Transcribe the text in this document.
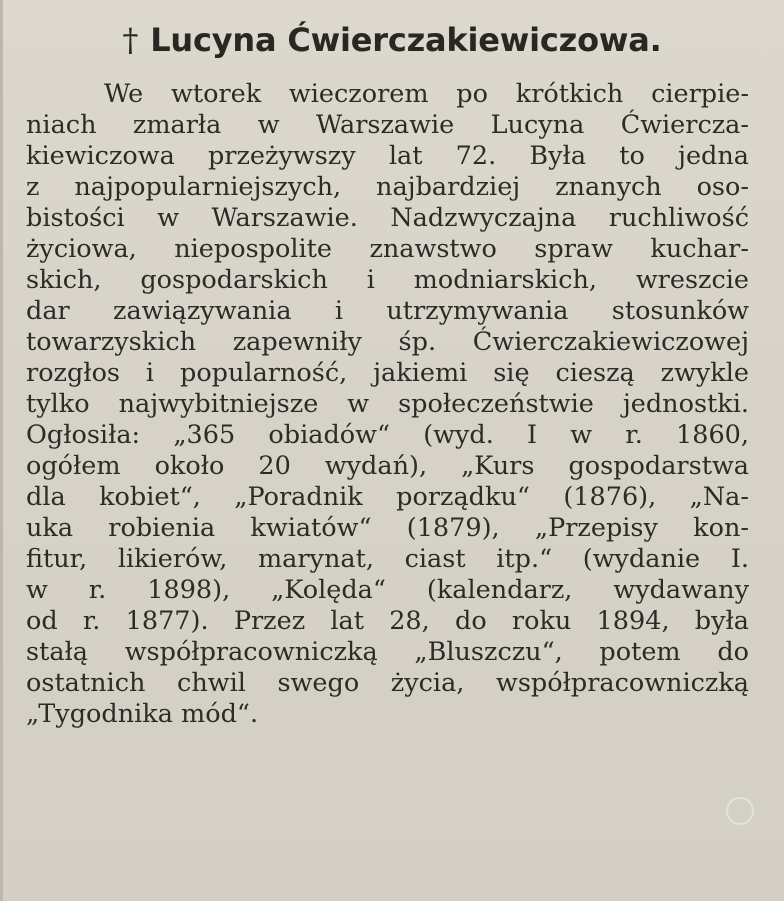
† Lucyna Ćwierczakiewiczowa.
We wtorek wieczorem po krótkich cierpie-
niach zmarła w Warszawie Lucyna Ćwiercza-
kiewiczowa przeżywszy lat 72. Była to jedna
z najpopularniejszych, najbardziej znanych oso-
bistości w Warszawie. Nadzwyczajna ruchliwość
życiowa, niepospolite znawstwo spraw kuchar-
skich, gospodarskich i modniarskich, wreszcie
dar zawiązywania i utrzymywania stosunków
towarzyskich zapewniły śp. Ćwierczakiewiczowej
rozgłos i popularność, jakiemi się cieszą zwykle
tylko najwybitniejsze w społeczeństwie jednostki.
Ogłosiła: „365 obiadów“ (wyd. I w r. 1860,
ogółem około 20 wydań), „Kurs gospodarstwa
dla kobiet“, „Poradnik porządku“ (1876), „Na-
uka robienia kwiatów“ (1879), „Przepisy kon-
fitur, likierów, marynat, ciast itp.“ (wydanie I.
w r. 1898), „Kolęda“ (kalendarz, wydawany
od r. 1877). Przez lat 28, do roku 1894, była
stałą współpracowniczką „Bluszczu“, potem do
ostatnich chwil swego życia, współpracowniczką
„Tygodnika mód“.
